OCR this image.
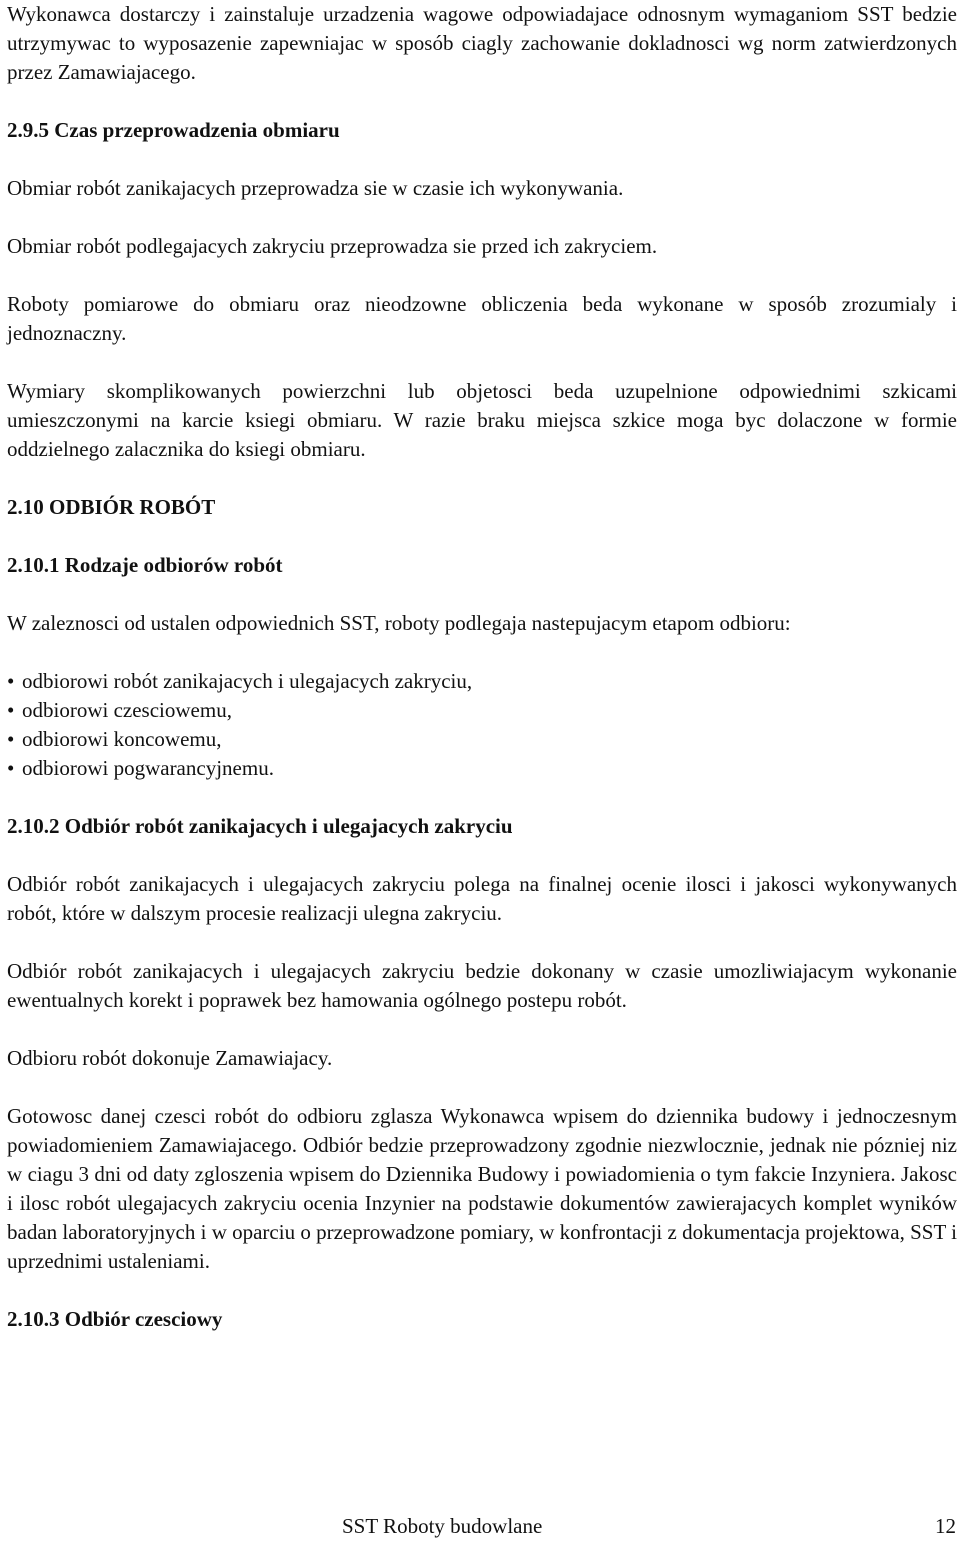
Wykonawca dostarczy i zainstaluje urzadzenia wagowe odpowiadajace odnosnym wymaganiom SST bedzie utrzymywac to wyposazenie zapewniajac w sposób ciagly zachowanie dokladnosci wg norm zatwierdzonych przez Zamawiajacego.

2.9.5 Czas przeprowadzenia obmiaru

Obmiar robót zanikajacych przeprowadza sie w czasie ich wykonywania.

Obmiar robót podlegajacych zakryciu przeprowadza sie przed ich zakryciem.

Roboty pomiarowe do obmiaru oraz nieodzowne obliczenia beda wykonane w sposób zrozumialy i jednoznaczny.

Wymiary skomplikowanych powierzchni lub objetosci beda uzupelnione odpowiednimi szkicami umieszczonymi na karcie ksiegi obmiaru. W razie braku miejsca szkice moga byc dolaczone w formie oddzielnego zalacznika do ksiegi obmiaru.

2.10 ODBIÓR ROBÓT

2.10.1 Rodzaje odbiorów robót

W zaleznosci od ustalen odpowiednich SST, roboty podlegaja nastepujacym etapom odbioru:

• odbiorowi robót zanikajacych i ulegajacych zakryciu,
• odbiorowi czesciowemu,
• odbiorowi koncowemu,
• odbiorowi pogwarancyjnemu.

2.10.2 Odbiór robót zanikajacych i ulegajacych zakryciu

Odbiór robót zanikajacych i ulegajacych zakryciu polega na finalnej ocenie ilosci i jakosci wykonywanych robót, które w dalszym procesie realizacji ulegna zakryciu.

Odbiór robót zanikajacych i ulegajacych zakryciu bedzie dokonany w czasie umozliwiajacym wykonanie ewentualnych korekt i poprawek bez hamowania ogólnego postepu robót.

Odbioru robót dokonuje Zamawiajacy.

Gotowosc danej czesci robót do odbioru zglasza Wykonawca wpisem do dziennika budowy i jednoczesnym powiadomieniem Zamawiajacego. Odbiór bedzie przeprowadzony zgodnie niezwlocznie, jednak nie pózniej niz w ciagu 3 dni od daty zgloszenia wpisem do Dziennika Budowy i powiadomienia o tym fakcie Inzyniera. Jakosc i ilosc robót ulegajacych zakryciu ocenia Inzynier na podstawie dokumentów zawierajacych komplet wyników badan laboratoryjnych i w oparciu o przeprowadzone pomiary, w konfrontacji z dokumentacja projektowa, SST i uprzednimi ustaleniami.

2.10.3 Odbiór czesciowy

SST Roboty budowlane	12
